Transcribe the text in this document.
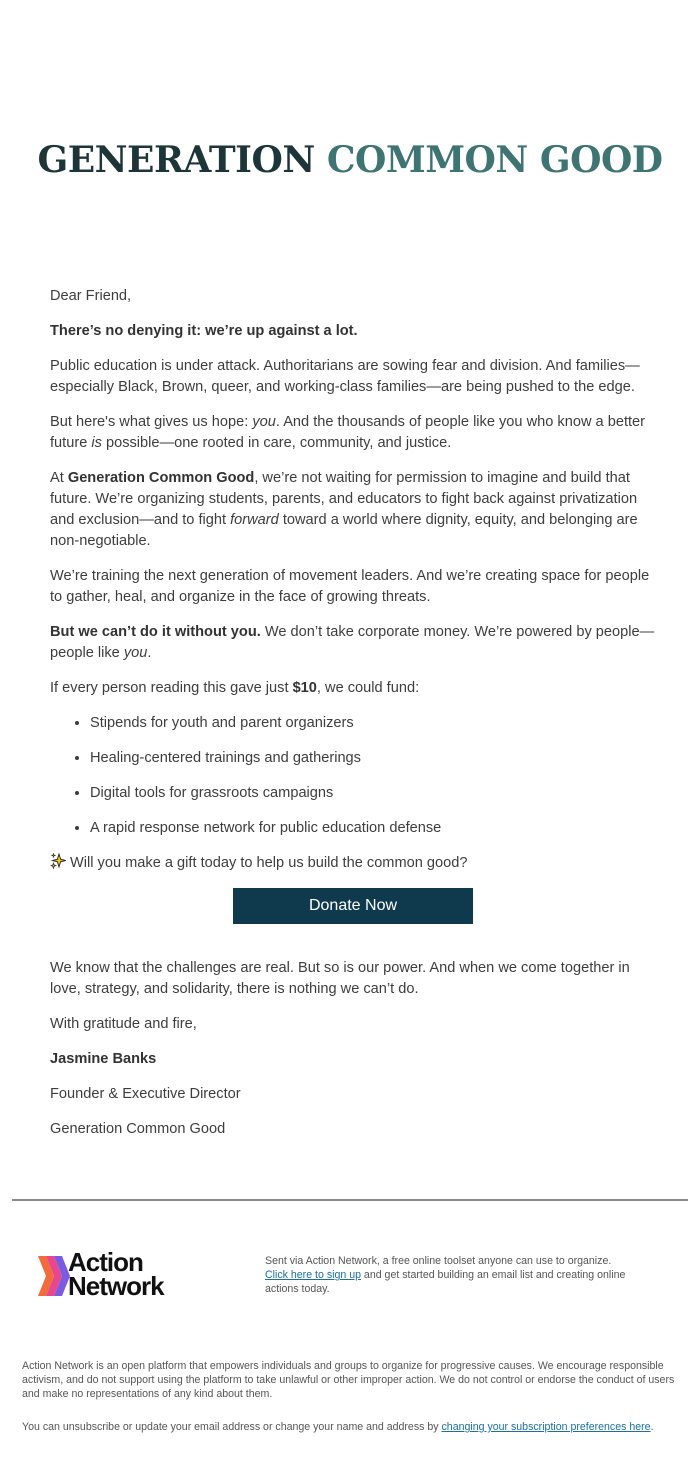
GENERATION COMMON GOOD

Dear Friend,

There’s no denying it: we’re up against a lot.

Public education is under attack. Authoritarians are sowing fear and division. And families—especially Black, Brown, queer, and working-class families—are being pushed to the edge.

But here's what gives us hope: you. And the thousands of people like you who know a better future is possible—one rooted in care, community, and justice.

At Generation Common Good, we’re not waiting for permission to imagine and build that future. We’re organizing students, parents, and educators to fight back against privatization and exclusion—and to fight forward toward a world where dignity, equity, and belonging are non-negotiable.

We’re training the next generation of movement leaders. And we’re creating space for people to gather, heal, and organize in the face of growing threats.

But we can’t do it without you. We don’t take corporate money. We’re powered by people—people like you.

If every person reading this gave just $10, we could fund:

• Stipends for youth and parent organizers
• Healing-centered trainings and gatherings
• Digital tools for grassroots campaigns
• A rapid response network for public education defense

Will you make a gift today to help us build the common good?

Donate Now

We know that the challenges are real. But so is our power. And when we come together in love, strategy, and solidarity, there is nothing we can’t do.

With gratitude and fire,

Jasmine Banks

Founder & Executive Director

Generation Common Good

Action
Network
Sent via Action Network, a free online toolset anyone can use to organize.
Click here to sign up and get started building an email list and creating online actions today.
Action Network is an open platform that empowers individuals and groups to organize for progressive causes. We encourage responsible activism, and do not support using the platform to take unlawful or other improper action. We do not control or endorse the conduct of users and make no representations of any kind about them.
You can unsubscribe or update your email address or change your name and address by changing your subscription preferences here.
